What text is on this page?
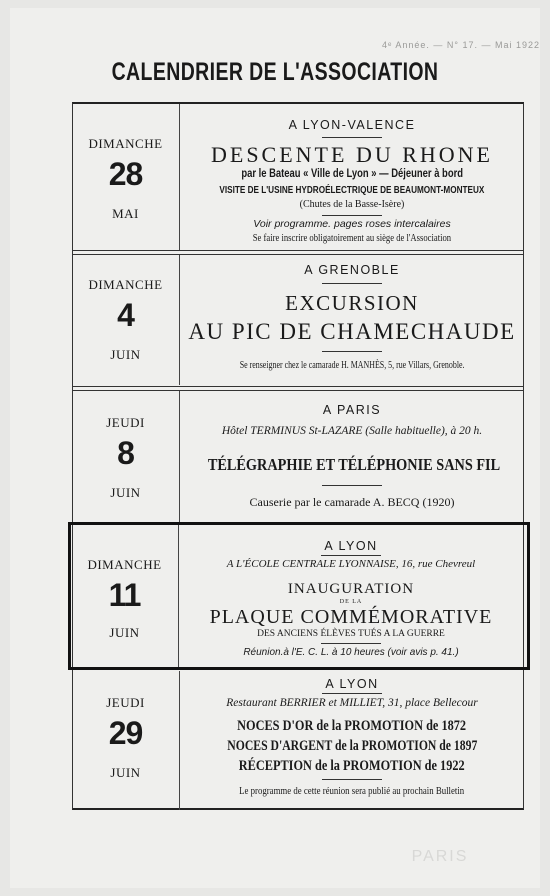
4ᵉ Année. — N° 17. — Mai 1922
CALENDRIER DE L'ASSOCIATION
DIMANCHE
28
MAI
A LYON-VALENCE
DESCENTE DU RHONE
par le Bateau « Ville de Lyon » — Déjeuner à bord
VISITE DE L'USINE HYDROÉLECTRIQUE DE BEAUMONT-MONTEUX
(Chutes de la Basse-Isère)
Voir programme. pages roses intercalaires
Se faire inscrire obligatoirement au siège de l'Association
DIMANCHE
4
JUIN
A GRENOBLE
EXCURSION
AU PIC DE CHAMECHAUDE
Se renseigner chez le camarade H. MANHÈS, 5, rue Villars, Grenoble.
JEUDI
8
JUIN
A PARIS
Hôtel TERMINUS St-LAZARE (Salle habituelle), à 20 h.
TÉLÉGRAPHIE ET TÉLÉPHONIE SANS FIL
Causerie par le camarade A. BECQ (1920)
DIMANCHE
11
JUIN
A LYON
A L'ÉCOLE CENTRALE LYONNAISE, 16, rue Chevreul
INAUGURATION
DE LA
PLAQUE COMMÉMORATIVE
DES ANCIENS ÉLÈVES TUÉS A LA GUERRE
Réunion.à l'E. C. L. à 10 heures (voir avis p. 41.)
JEUDI
29
JUIN
A LYON
Restaurant BERRIER et MILLIET, 31, place Bellecour
NOCES D'OR de la PROMOTION de 1872
NOCES D'ARGENT de la PROMOTION de 1897
RÉCEPTION de la PROMOTION de 1922
Le programme de cette réunion sera publié au prochain Bulletin
PARIS
